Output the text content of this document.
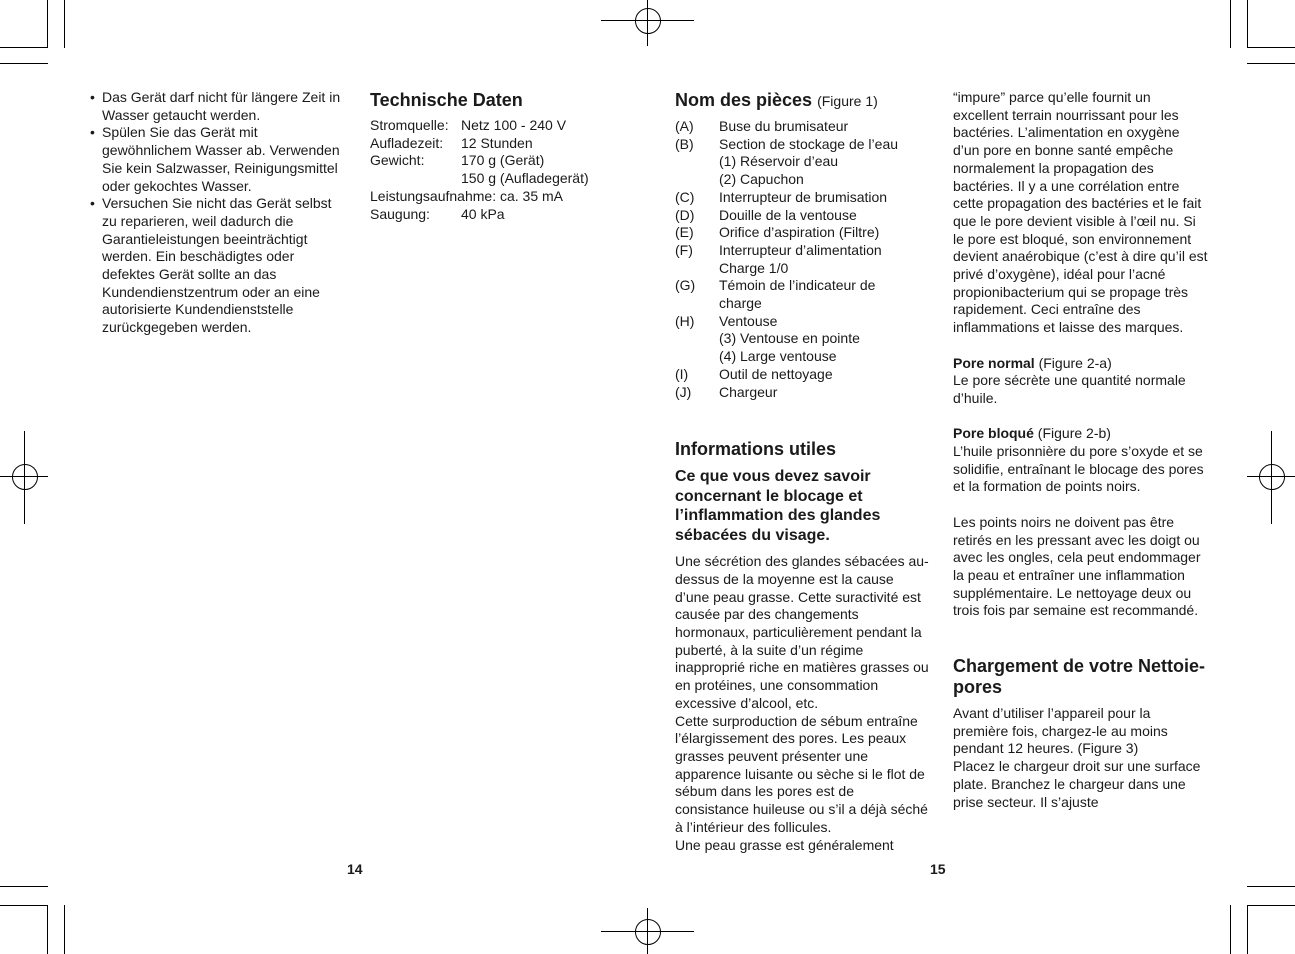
• Das Gerät darf nicht für längere Zeit in Wasser getaucht werden.
• Spülen Sie das Gerät mit gewöhnlichem Wasser ab. Verwenden Sie kein Salzwasser, Reinigungsmittel oder gekochtes Wasser.
• Versuchen Sie nicht das Gerät selbst zu reparieren, weil dadurch die Garantieleistungen beeinträchtigt werden. Ein beschädigtes oder defektes Gerät sollte an das Kundendienstzentrum oder an eine autorisierte Kundendienststelle zurückgegeben werden.
Technische Daten
Stromquelle: Netz 100 - 240 V
Aufladezeit:	12 Stunden
Gewicht:	170 g (Gerät)
150 g (Aufladegerät)
Leistungsaufnahme: ca. 35 mA
Saugung:	40 kPa
14
Nom des pièces (Figure 1)
(A)	Buse du brumisateur
(B)	Section de stockage de l’eau
(1) Réservoir d’eau
(2) Capuchon
(C)	Interrupteur de brumisation
(D)	Douille de la ventouse
(E)	Orifice d’aspiration (Filtre)
(F)	Interrupteur d’alimentation
Charge 1/0
(G)	Témoin de l’indicateur de
charge
(H)	Ventouse
(3) Ventouse en pointe
(4) Large ventouse
(I)	Outil de nettoyage
(J)	Chargeur
Informations utiles
Ce que vous devez savoir concernant le blocage et l’inflammation des glandes sébacées du visage.

Une sécrétion des glandes sébacées au-dessus de la moyenne est la cause d’une peau grasse. Cette suractivité est causée par des changements hormonaux, particulièrement pendant la puberté, à la suite d’un régime inapproprié riche en matières grasses ou en protéines, une consommation excessive d’alcool, etc.

Cette surproduction de sébum entraîne l’élargissement des pores. Les peaux grasses peuvent présenter une apparence luisante ou sèche si le flot de sébum dans les pores est de consistance huileuse ou s’il a déjà séché à l’intérieur des follicules.

Une peau grasse est généralement

“impure” parce qu’elle fournit un excellent terrain nourrissant pour les bactéries. L’alimentation en oxygène d’un pore en bonne santé empêche normalement la propagation des bactéries. Il y a une corrélation entre cette propagation des bactéries et le fait que le pore devient visible à l’œil nu. Si le pore est bloqué, son environnement devient anaérobique (c’est à dire qu’il est privé d’oxygène), idéal pour l’acné propionibacterium qui se propage très rapidement. Ceci entraîne des inflammations et laisse des marques.

Pore normal (Figure 2-a)

Le pore sécrète une quantité normale d’huile.

Pore bloqué (Figure 2-b)

L’huile prisonnière du pore s’oxyde et se solidifie, entraînant le blocage des pores et la formation de points noirs.

Les points noirs ne doivent pas être retirés en les pressant avec les doigt ou avec les ongles, cela peut endommager la peau et entraîner une inflammation supplémentaire. Le nettoyage deux ou trois fois par semaine est recommandé.

Chargement de votre Nettoie-pores

Avant d’utiliser l’appareil pour la première fois, chargez-le au moins pendant 12 heures. (Figure 3)

Placez le chargeur droit sur une surface plate. Branchez le chargeur dans une prise secteur. Il s’ajuste

15
